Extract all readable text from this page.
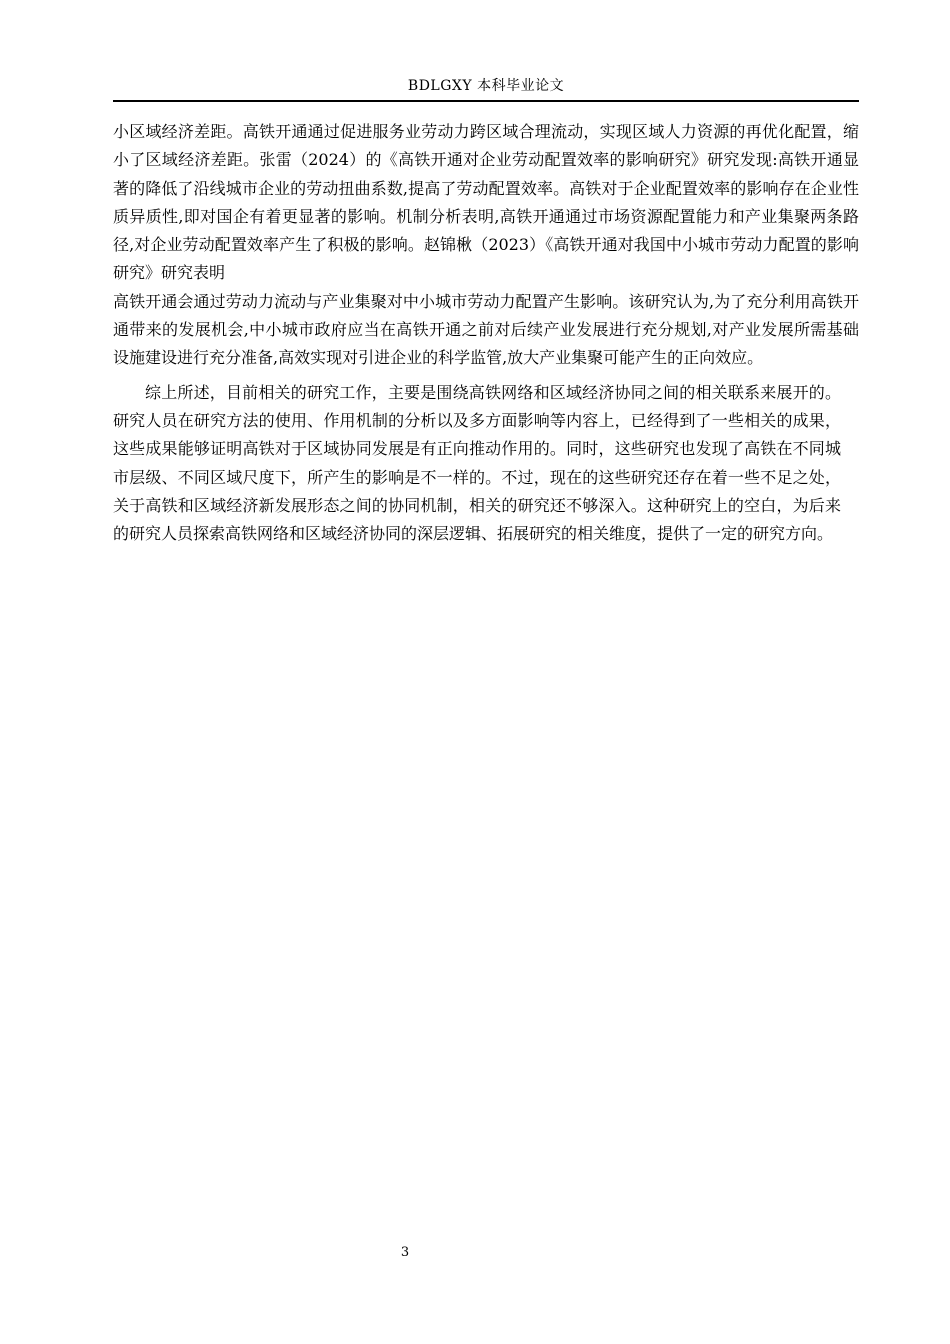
BDLGXY 本科毕业论文

小区域经济差距。高铁开通通过促进服务业劳动力跨区域合理流动，实现区域人力资源的再优化配置，缩小了区域经济差距。张雷（2024）的《高铁开通对企业劳动配置效率的影响研究》研究发现:高铁开通显著的降低了沿线城市企业的劳动扭曲系数,提高了劳动配置效率。高铁对于企业配置效率的影响存在企业性质异质性,即对国企有着更显著的影响。机制分析表明,高铁开通通过市场资源配置能力和产业集聚两条路径,对企业劳动配置效率产生了积极的影响。赵锦楸（2023）《高铁开通对我国中小城市劳动力配置的影响研究》研究表明

高铁开通会通过劳动力流动与产业集聚对中小城市劳动力配置产生影响。该研究认为,为了充分利用高铁开通带来的发展机会,中小城市政府应当在高铁开通之前对后续产业发展进行充分规划,对产业发展所需基础设施建设进行充分准备,高效实现对引进企业的科学监管,放大产业集聚可能产生的正向效应。

综上所述，目前相关的研究工作，主要是围绕高铁网络和区域经济协同之间的相关联系来展开的。研究人员在研究方法的使用、作用机制的分析以及多方面影响等内容上，已经得到了一些相关的成果，这些成果能够证明高铁对于区域协同发展是有正向推动作用的。同时，这些研究也发现了高铁在不同城市层级、不同区域尺度下，所产生的影响是不一样的。不过，现在的这些研究还存在着一些不足之处，关于高铁和区域经济新发展形态之间的协同机制，相关的研究还不够深入。这种研究上的空白，为后来的研究人员探索高铁网络和区域经济协同的深层逻辑、拓展研究的相关维度，提供了一定的研究方向。

3
